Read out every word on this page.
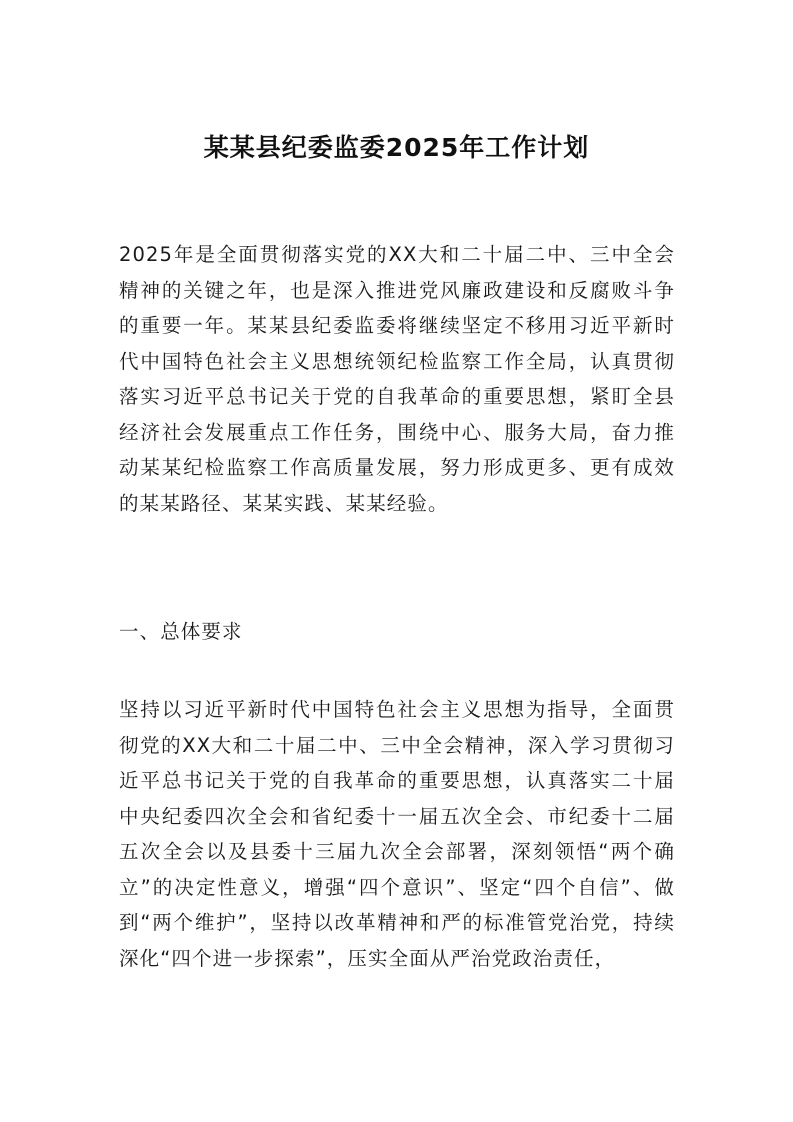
某某县纪委监委2025年工作计划

2025年是全面贯彻落实党的XX大和二十届二中、三中全会精神的关键之年，也是深入推进党风廉政建设和反腐败斗争的重要一年。某某县纪委监委将继续坚定不移用习近平新时代中国特色社会主义思想统领纪检监察工作全局，认真贯彻落实习近平总书记关于党的自我革命的重要思想，紧盯全县经济社会发展重点工作任务，围绕中心、服务大局，奋力推动某某纪检监察工作高质量发展，努力形成更多、更有成效的某某路径、某某实践、某某经验。

一、总体要求

坚持以习近平新时代中国特色社会主义思想为指导，全面贯彻党的XX大和二十届二中、三中全会精神，深入学习贯彻习近平总书记关于党的自我革命的重要思想，认真落实二十届中央纪委四次全会和省纪委十一届五次全会、市纪委十二届五次全会以及县委十三届九次全会部署，深刻领悟“两个确立”的决定性意义，增强“四个意识”、坚定“四个自信”、做到“两个维护”，坚持以改革精神和严的标准管党治党，持续深化“四个进一步探索”，压实全面从严治党政治责任，
